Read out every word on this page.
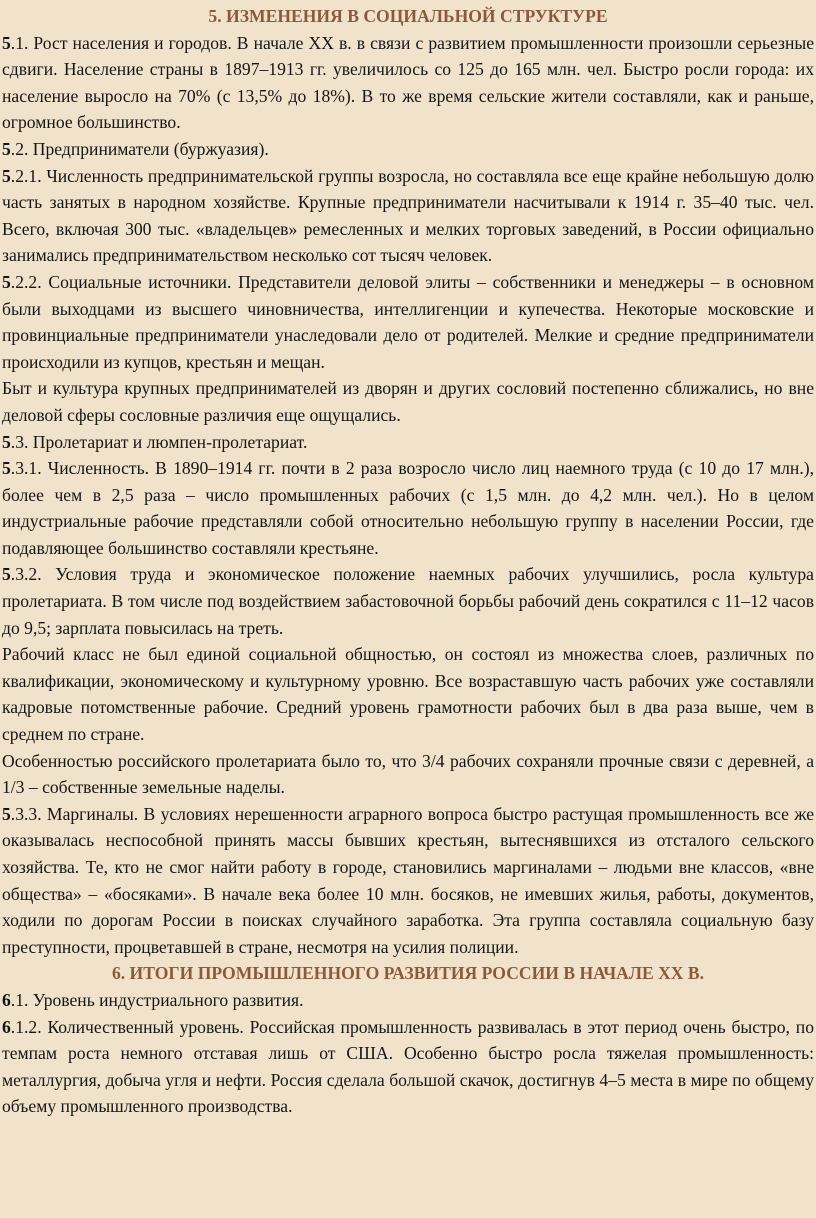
5. ИЗМЕНЕНИЯ В СОЦИАЛЬНОЙ СТРУКТУРЕ

5.1. Рост населения и городов. В начале XX в. в связи с развитием промышленности произошли серьезные сдвиги. Население страны в 1897–1913 гг. увеличилось со 125 до 165 млн. чел. Быстро росли города: их население выросло на 70% (с 13,5% до 18%). В то же время сельские жители составляли, как и раньше, огромное большинство.

5.2. Предприниматели (буржуазия).

5.2.1. Численность предпринимательской группы возросла, но составляла все еще крайне небольшую долю часть занятых в народном хозяйстве. Крупные предприниматели насчитывали к 1914 г. 35–40 тыс. чел. Всего, включая 300 тыс. «владельцев» ремесленных и мелких торговых заведений, в России официально занимались предпринимательством несколько сот тысяч человек.

5.2.2. Социальные источники. Представители деловой элиты – собственники и менеджеры – в основном были выходцами из высшего чиновничества, интеллигенции и купечества. Некоторые московские и провинциальные предприниматели унаследовали дело от родителей. Мелкие и средние предприниматели происходили из купцов, крестьян и мещан.

Быт и культура крупных предпринимателей из дворян и других сословий постепенно сближались, но вне деловой сферы сословные различия еще ощущались.

5.3. Пролетариат и люмпен-пролетариат.

5.3.1. Численность. В 1890–1914 гг. почти в 2 раза возросло число лиц наемного труда (с 10 до 17 млн.), более чем в 2,5 раза – число промышленных рабочих (с 1,5 млн. до 4,2 млн. чел.). Но в целом индустриальные рабочие представляли собой относительно небольшую группу в населении России, где подавляющее большинство составляли крестьяне.

5.3.2. Условия труда и экономическое положение наемных рабочих улучшились, росла культура пролетариата. В том числе под воздействием забастовочной борьбы рабочий день сократился с 11–12 часов до 9,5; зарплата повысилась на треть.

Рабочий класс не был единой социальной общностью, он состоял из множества слоев, различных по квалификации, экономическому и культурному уровню. Все возраставшую часть рабочих уже составляли кадровые потомственные рабочие. Средний уровень грамотности рабочих был в два раза выше, чем в среднем по стране.

Особенностью российского пролетариата было то, что 3/4 рабочих сохраняли прочные связи с деревней, а 1/3 – собственные земельные наделы.

5.3.3. Маргиналы. В условиях нерешенности аграрного вопроса быстро растущая промышленность все же оказывалась неспособной принять массы бывших крестьян, вытеснявшихся из отсталого сельского хозяйства. Те, кто не смог найти работу в городе, становились маргиналами – людьми вне классов, «вне общества» – «босяками». В начале века более 10 млн. босяков, не имевших жилья, работы, документов, ходили по дорогам России в поисках случайного заработка. Эта группа составляла социальную базу преступности, процветавшей в стране, несмотря на усилия полиции.

6. ИТОГИ ПРОМЫШЛЕННОГО РАЗВИТИЯ РОССИИ В НАЧАЛЕ XX В.

6.1. Уровень индустриального развития.

6.1.2. Количественный уровень. Российская промышленность развивалась в этот период очень быстро, по темпам роста немного отставая лишь от США. Особенно быстро росла тяжелая промышленность: металлургия, добыча угля и нефти. Россия сделала большой скачок, достигнув 4–5 места в мире по общему объему промышленного производства.
